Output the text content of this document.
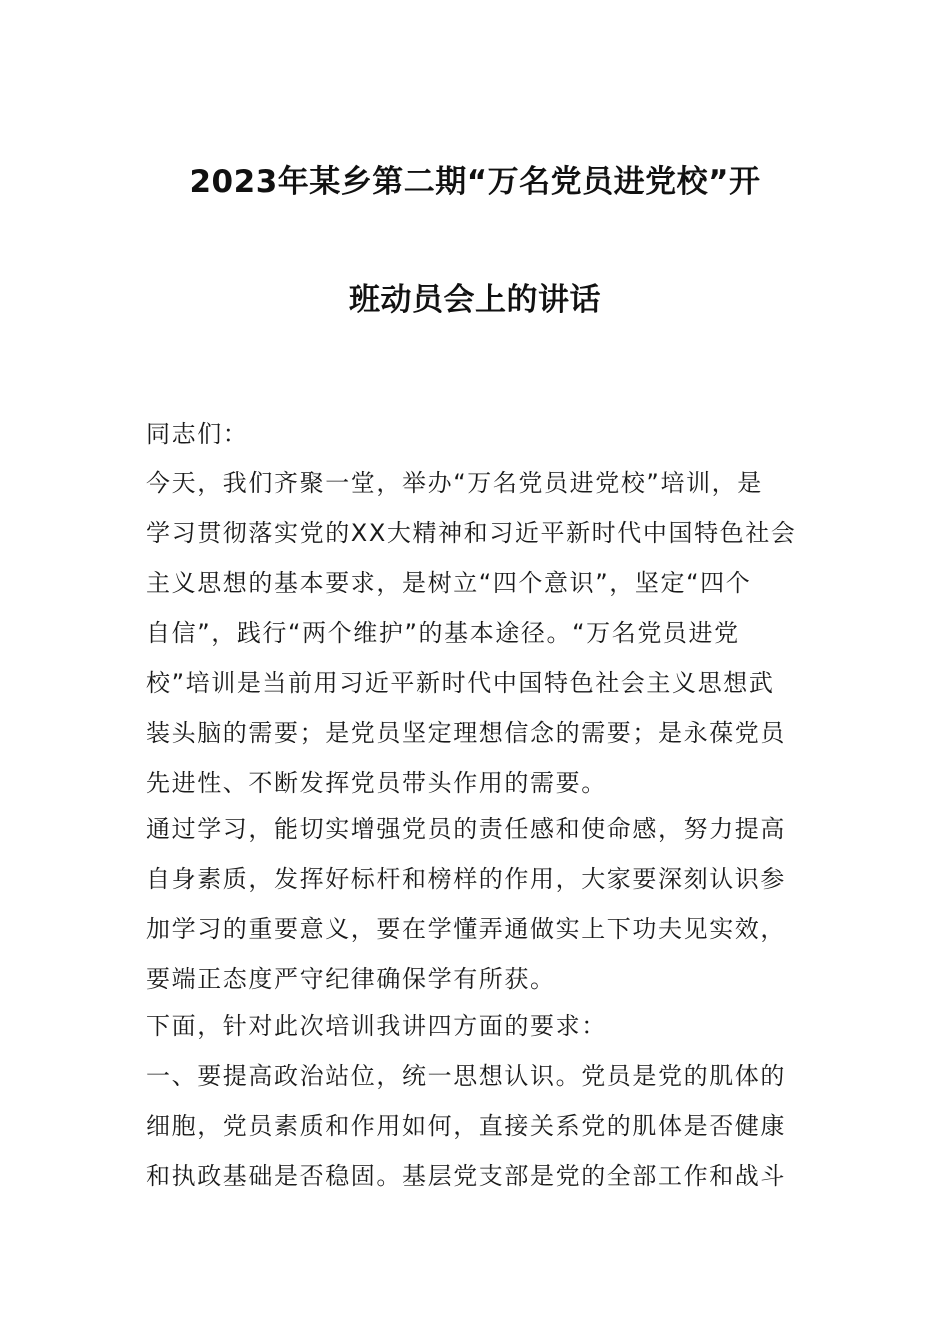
2023年某乡第二期“万名党员进党校”开
班动员会上的讲话
同志们：
今天，我们齐聚一堂，举办“万名党员进党校”培训，是
学习贯彻落实党的XX大精神和习近平新时代中国特色社会
主义思想的基本要求，是树立“四个意识”，坚定“四个
自信”，践行“两个维护”的基本途径。“万名党员进党
校”培训是当前用习近平新时代中国特色社会主义思想武
装头脑的需要；是党员坚定理想信念的需要；是永葆党员
先进性、不断发挥党员带头作用的需要。
通过学习，能切实增强党员的责任感和使命感，努力提高
自身素质，发挥好标杆和榜样的作用，大家要深刻认识参
加学习的重要意义，要在学懂弄通做实上下功夫见实效，
要端正态度严守纪律确保学有所获。
下面，针对此次培训我讲四方面的要求：
一、要提高政治站位，统一思想认识。党员是党的肌体的
细胞，党员素质和作用如何，直接关系党的肌体是否健康
和执政基础是否稳固。基层党支部是党的全部工作和战斗
